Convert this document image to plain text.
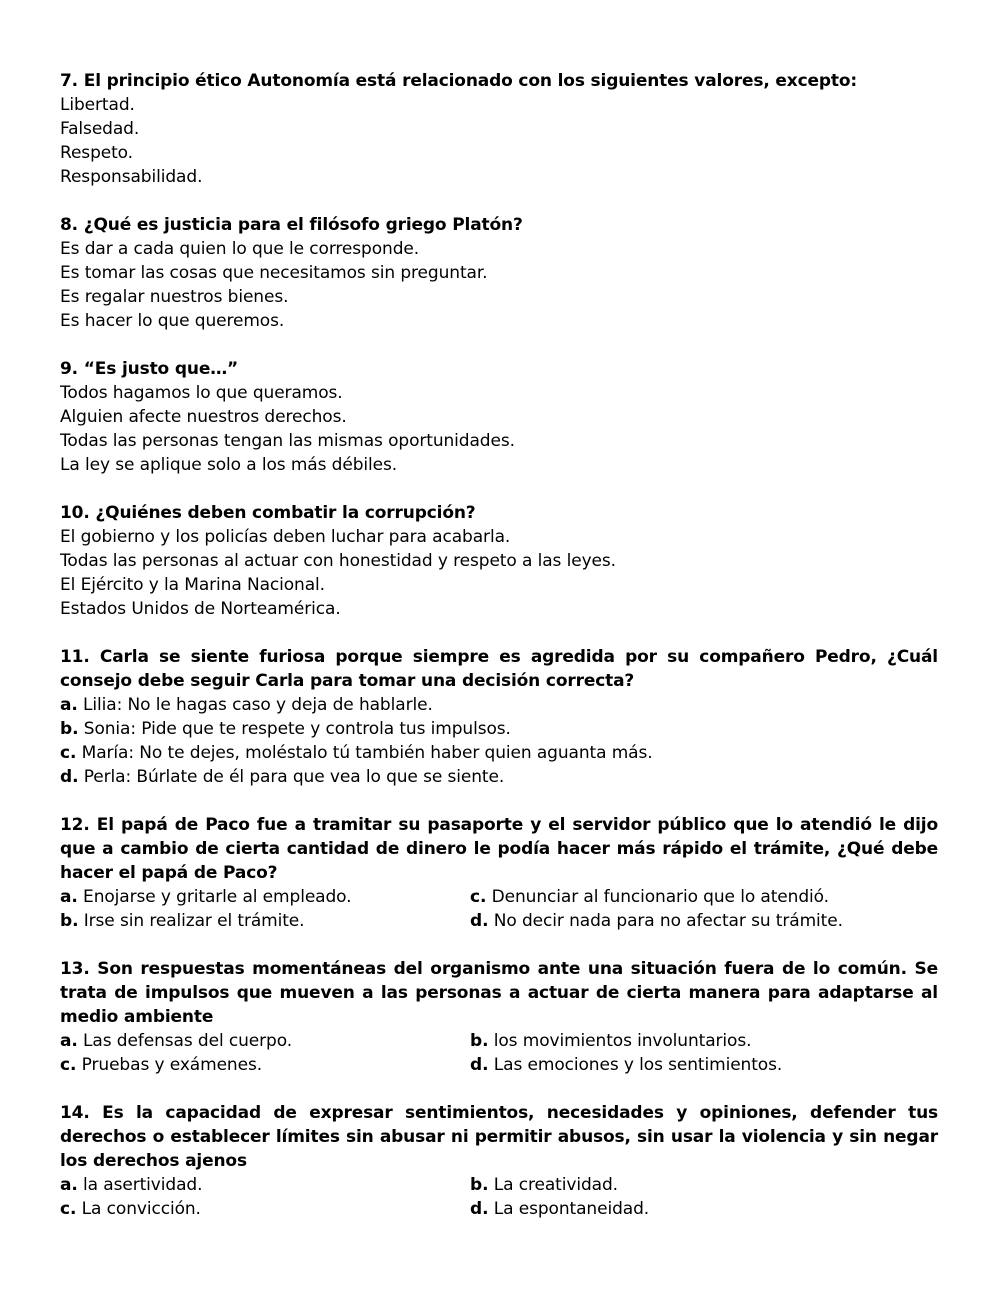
7. El principio ético Autonomía está relacionado con los siguientes valores, excepto:
Libertad.
Falsedad.
Respeto.
Responsabilidad.
8. ¿Qué es justicia para el filósofo griego Platón?
Es dar a cada quien lo que le corresponde.
Es tomar las cosas que necesitamos sin preguntar.
Es regalar nuestros bienes.
Es hacer lo que queremos.
9. “Es justo que…”
Todos hagamos lo que queramos.
Alguien afecte nuestros derechos.
Todas las personas tengan las mismas oportunidades.
La ley se aplique solo a los más débiles.
10. ¿Quiénes deben combatir la corrupción?
El gobierno y los policías deben luchar para acabarla.
Todas las personas al actuar con honestidad y respeto a las leyes.
El Ejército y la Marina Nacional.
Estados Unidos de Norteamérica.
11. Carla se siente furiosa porque siempre es agredida por su compañero Pedro, ¿Cuál consejo debe seguir Carla para tomar una decisión correcta?
a. Lilia: No le hagas caso y deja de hablarle.
b. Sonia: Pide que te respete y controla tus impulsos.
c. María: No te dejes, moléstalo tú también haber quien aguanta más.
d. Perla: Búrlate de él para que vea lo que se siente.
12. El papá de Paco fue a tramitar su pasaporte y el servidor público que lo atendió le dijo que a cambio de cierta cantidad de dinero le podía hacer más rápido el trámite, ¿Qué debe hacer el papá de Paco?
a. Enojarse y gritarle al empleado.	c. Denunciar al funcionario que lo atendió.
b. Irse sin realizar el trámite.	d. No decir nada para no afectar su trámite.
13. Son respuestas momentáneas del organismo ante una situación fuera de lo común. Se trata de impulsos que mueven a las personas a actuar de cierta manera para adaptarse al medio ambiente
a. Las defensas del cuerpo.	b. los movimientos involuntarios.
c. Pruebas y exámenes.	d. Las emociones y los sentimientos.
14. Es la capacidad de expresar sentimientos, necesidades y opiniones, defender tus derechos o establecer límites sin abusar ni permitir abusos, sin usar la violencia y sin negar los derechos ajenos
a. la asertividad.	b. La creatividad.
c. La convicción.	d. La espontaneidad.
